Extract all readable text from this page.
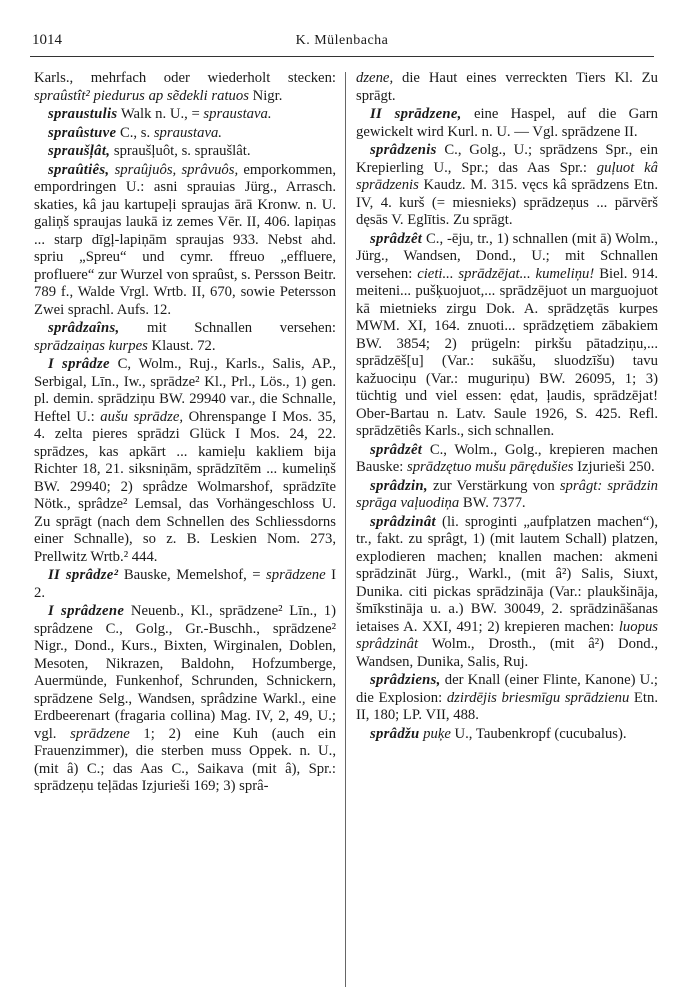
1014	K. Mülenbacha

Karls., mehrfach oder wiederholt stecken: spraûstît² piedurus ap sẽdekli ratuos Nigr.

spraustulis Walk n. U., = spraustava.

spraûstuve C., s. spraustava.

spraušļât, spraušļuôt, s. spraušlât.

spraûtiês, spraûjuôs, sprâvuôs, emporkommen, empordringen U.: asni sprauias Jürg., Arrasch. skaties, kâ jau kartupeļi spraujas ārā Kronw. n. U. galiņš spraujas laukā iz zemes Vēr. II, 406. lapiņas ... starp dīgļ-lapiņām spraujas 933. Nebst ahd. spriu „Spreu“ und cymr. ffreuo „effluere, profluere“ zur Wurzel von spraûst, s. Persson Beitr. 789 f., Walde Vrgl. Wrtb. II, 670, sowie Petersson Zwei sprachl. Aufs. 12.

sprâdzaîns, mit Schnallen versehen: sprādzaiņas kurpes Klaust. 72.

I sprâdze C, Wolm., Ruj., Karls., Salis, AP., Serbigal, Līn., Iw., sprādze² Kl., Prl., Lös., 1) gen. pl. demin. sprādziņu BW. 29940 var., die Schnalle, Heftel U.: aušu sprādze, Ohrenspange I Mos. 35, 4. zelta pieres sprādzi Glück I Mos. 24, 22. sprādzes, kas apkārt ... kamieļu kakliem bija Richter 18, 21. siksniņām, sprādzītēm ... kumeliņš BW. 29940; 2) sprâdze Wolmarshof, sprādzīte Nötk., sprâdze² Lemsal, das Vorhängeschloss U. Zu sprāgt (nach dem Schnellen des Schliessdorns einer Schnalle), so z. B. Leskien Nom. 273, Prellwitz Wrtb.² 444.

II sprâdze² Bauske, Memelshof, = sprādzene I 2.

I sprâdzene Neuenb., Kl., sprādzene² Līn., 1) sprâdzene C., Golg., Gr.-Buschh., sprādzene² Nigr., Dond., Kurs., Bixten, Wirginalen, Doblen, Mesoten, Nikrazen, Baldohn, Hofzumberge, Auermünde, Funkenhof, Schrunden, Schnickern, sprādzene Selg., Wandsen, sprâdzine Warkl., eine Erdbeerenart (fragaria collina) Mag. IV, 2, 49, U.; vgl. sprādzene 1; 2) eine Kuh (auch ein Frauenzimmer), die sterben muss Oppek. n. U., (mit â) C.; das Aas C., Saikava (mit â), Spr.: sprādzeņu teļādas Izjurieši 169; 3) sprâ-

dzene, die Haut eines verreckten Tiers Kl. Zu sprāgt.

II sprādzene, eine Haspel, auf die Garn gewickelt wird Kurl. n. U. — Vgl. sprādzene II.

sprâdzenis C., Golg., U.; sprādzens Spr., ein Krepierling U., Spr.; das Aas Spr.: guļuot kâ sprādzenis Kaudz. M. 315. vęcs kâ sprādzens Etn. IV, 4. kurš (= miesnieks) sprādzeņus ... pārvērš dęsās V. Eglītis. Zu sprāgt.

sprâdzêt C., -ēju, tr., 1) schnallen (mit ā) Wolm., Jürg., Wandsen, Dond., U.; mit Schnallen versehen: cieti... sprādzējat... kumeliņu! Biel. 914. meiteni... pušķuojuot,... sprādzējuot un marguojuot kā mietnieks zirgu Dok. A. sprādzętās kurpes MWM. XI, 164. znuoti... sprādzętiem zābakiem BW. 3854; 2) prügeln: pirkšu pātadziņu,... sprādzēš[u] (Var.: sukāšu, sluodzīšu) tavu kažuociņu (Var.: muguriņu) BW. 26095, 1; 3) tüchtig und viel essen: ędat, ļaudis, sprādzējat! Ober-Bartau n. Latv. Saule 1926, S. 425. Refl. sprādzētiês Karls., sich schnallen.

sprâdzêt C., Wolm., Golg., krepieren machen Bauske: sprādzętuo mušu pārędušies Izjurieši 250.

sprâdzin, zur Verstärkung von sprâgt: sprādzin sprāga vaļuodiņa BW. 7377.

sprâdzinât (li. sproginti „aufplatzen machen“), tr., fakt. zu sprâgt, 1) (mit lautem Schall) platzen, explodieren machen; knallen machen: akmeni sprādzināt Jürg., Warkl., (mit â²) Salis, Siuxt, Dunika. citi pickas sprādzināja (Var.: plaukšināja, šmīkstināja u. a.) BW. 30049, 2. sprādzināšanas ietaises A. XXI, 491; 2) krepieren machen: luopus sprâdzinât Wolm., Drosth., (mit â²) Dond., Wandsen, Dunika, Salis, Ruj.

sprâdziens, der Knall (einer Flinte, Kanone) U.; die Explosion: dzirdējis briesmīgu sprādzienu Etn. II, 180; LP. VII, 488.

sprâdžu puķe U., Taubenkropf (cucubalus).
